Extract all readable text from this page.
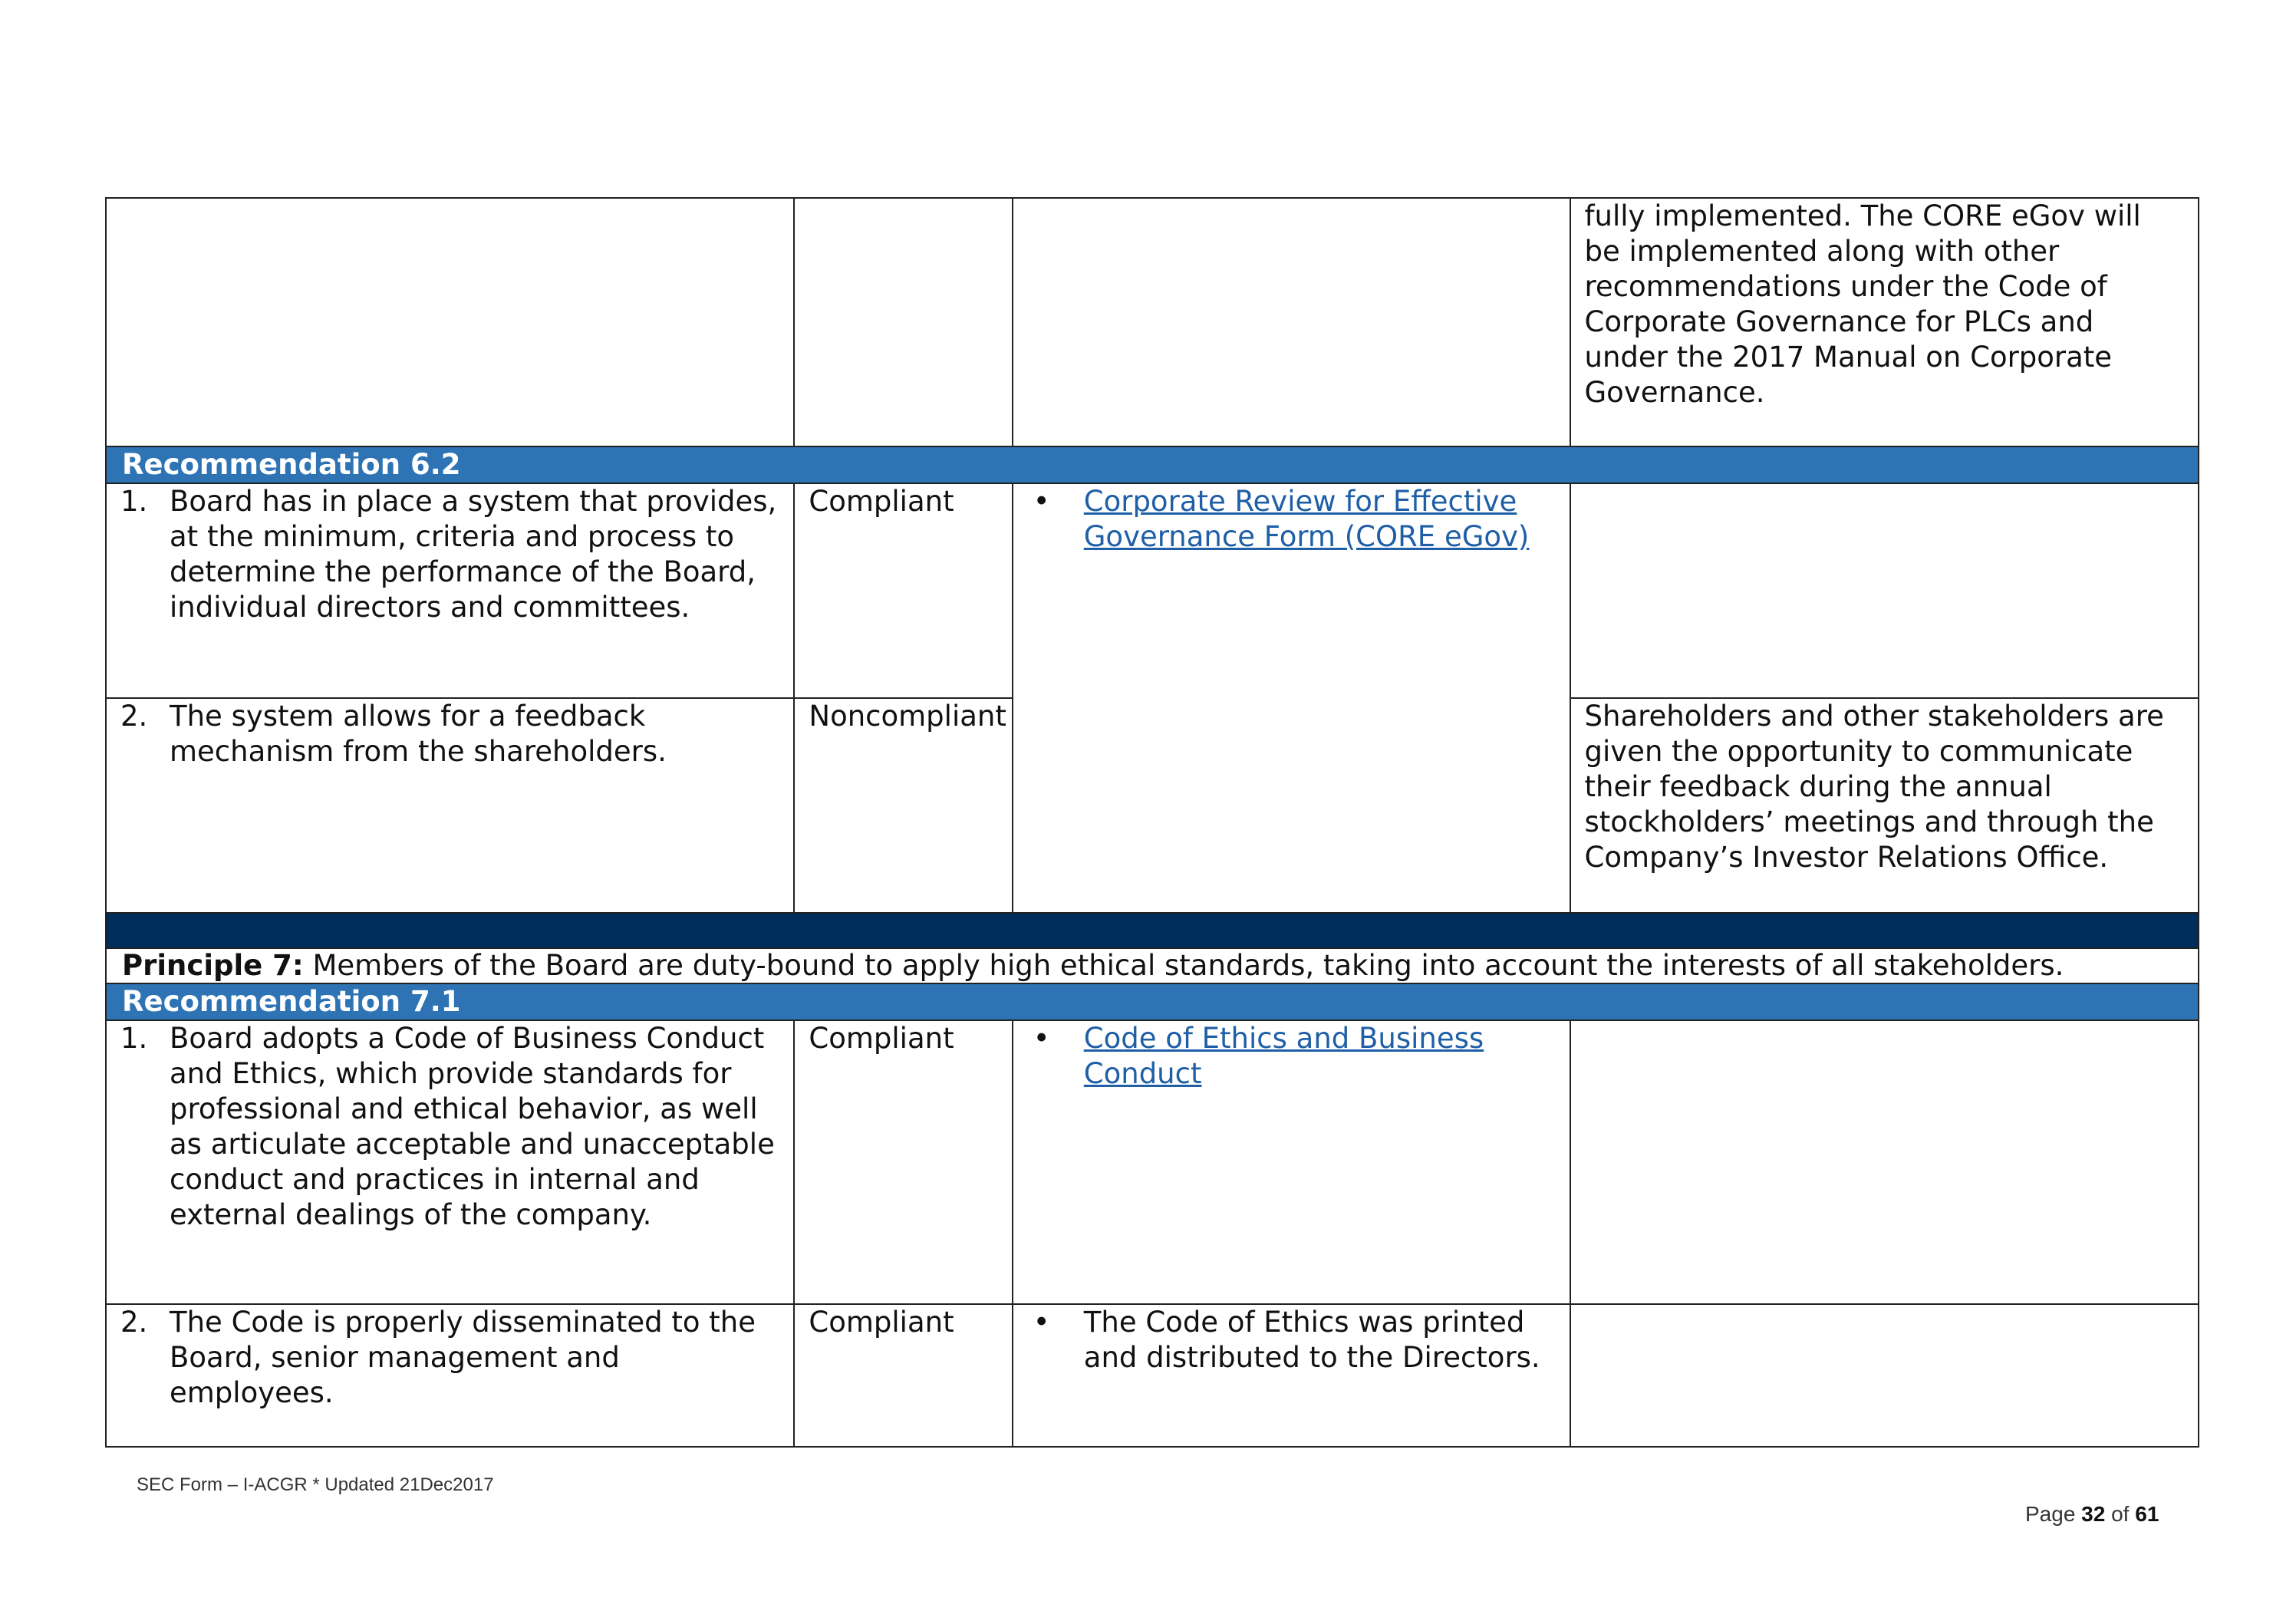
			fully implemented. The CORE eGov will be implemented along with other recommendations under the Code of Corporate Governance for PLCs and under the 2017 Manual on Corporate Governance.
Recommendation 6.2			

1. Board has in place a system that provides, at the minimum, criteria and process to determine the performance of the Board, individual directors and committees.	Compliant	• Corporate Review for Effective Governance Form (CORE eGov)	

2. The system allows for a feedback mechanism from the shareholders.	Noncompliant		Shareholders and other stakeholders are given the opportunity to communicate their feedback during the annual stockholders’ meetings and through the Company’s Investor Relations Office.

Principle 7: Members of the Board are duty-bound to apply high ethical standards, taking into account the interests of all stakeholders.			
Recommendation 7.1			

1. Board adopts a Code of Business Conduct and Ethics, which provide standards for professional and ethical behavior, as well as articulate acceptable and unacceptable conduct and practices in internal and external dealings of the company.	Compliant	• Code of Ethics and Business Conduct	

2. The Code is properly disseminated to the Board, senior management and employees.	Compliant	• The Code of Ethics was printed and distributed to the Directors.	

SEC Form – I-ACGR * Updated 21Dec2017
Page 32 of 61
